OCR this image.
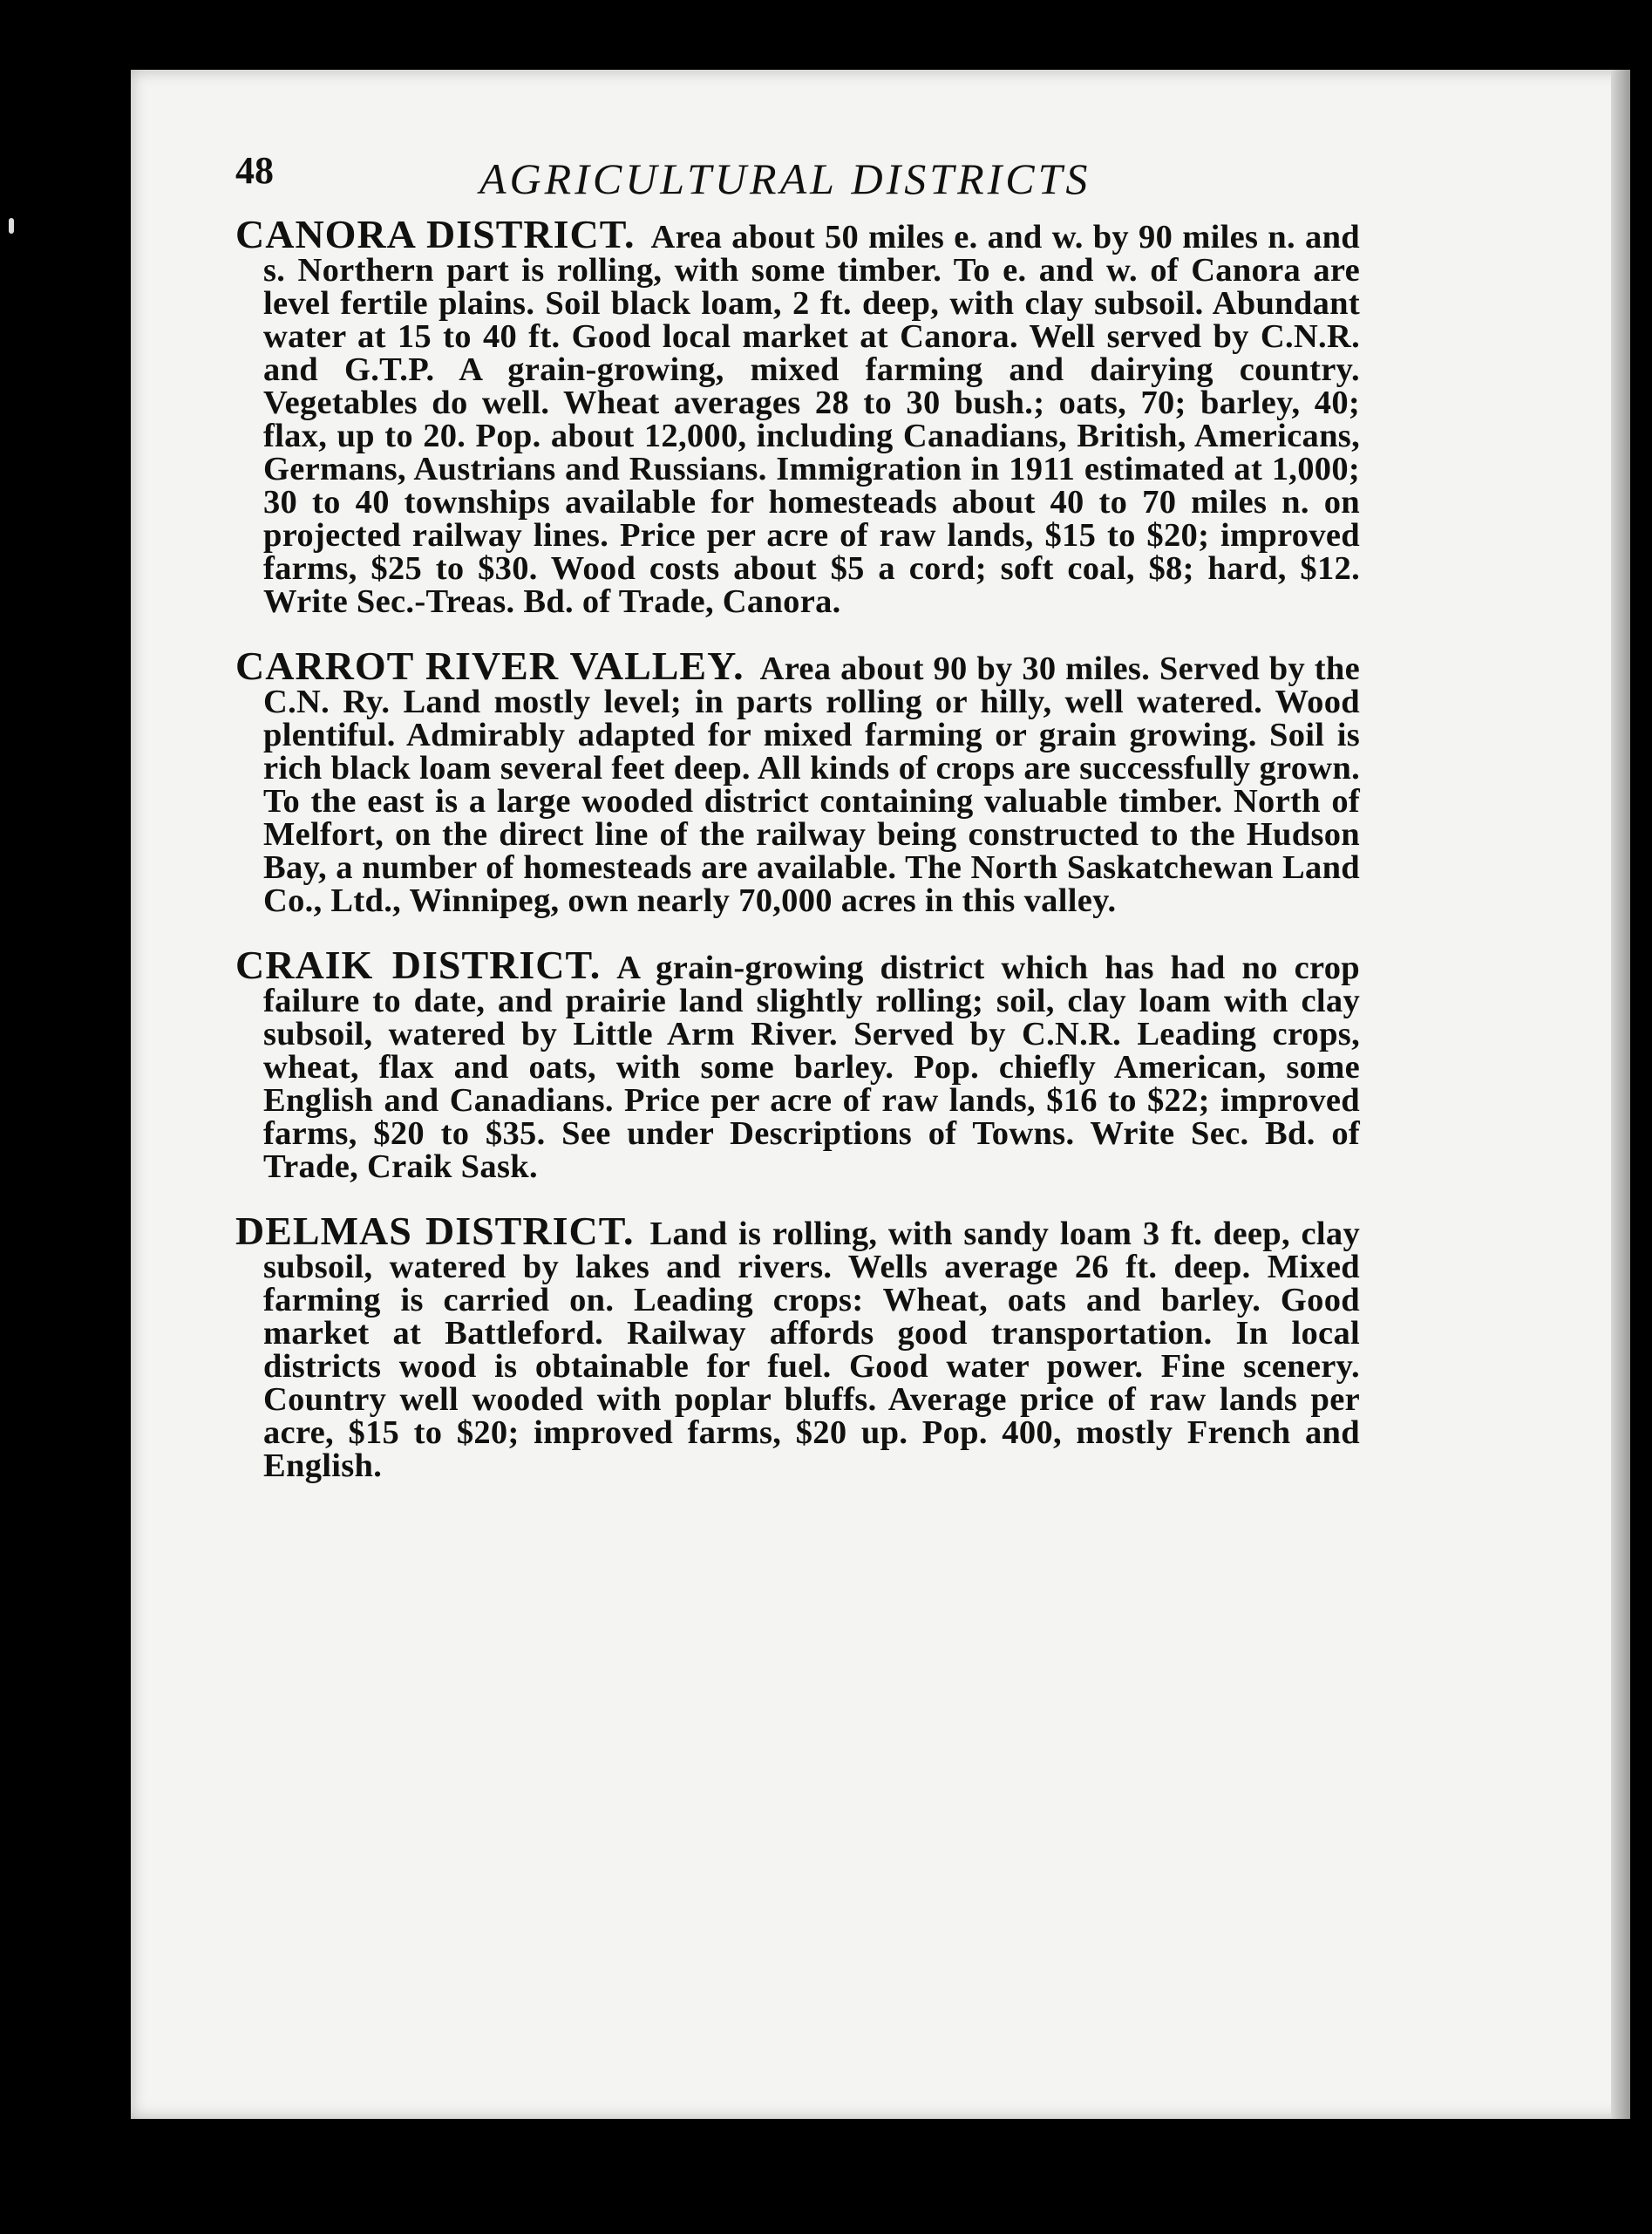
48	AGRICULTURAL DISTRICTS

CANORA DISTRICT. Area about 50 miles e. and w. by 90 miles n. and s. Northern part is rolling, with some timber. To e. and w. of Canora are level fertile plains. Soil black loam, 2 ft. deep, with clay subsoil. Abundant water at 15 to 40 ft. Good local market at Canora. Well served by C.N.R. and G.T.P. A grain-growing, mixed farming and dairying country. Vegetables do well. Wheat averages 28 to 30 bush.; oats, 70; barley, 40; flax, up to 20. Pop. about 12,000, including Canadians, British, Americans, Germans, Austrians and Russians. Immigration in 1911 estimated at 1,000; 30 to 40 townships available for homesteads about 40 to 70 miles n. on projected railway lines. Price per acre of raw lands, $15 to $20; improved farms, $25 to $30. Wood costs about $5 a cord; soft coal, $8; hard, $12. Write Sec.-Treas. Bd. of Trade, Canora.

CARROT RIVER VALLEY. Area about 90 by 30 miles. Served by the C.N. Ry. Land mostly level; in parts rolling or hilly, well watered. Wood plentiful. Admirably adapted for mixed farming or grain growing. Soil is rich black loam several feet deep. All kinds of crops are successfully grown. To the east is a large wooded district containing valuable timber. North of Melfort, on the direct line of the railway being constructed to the Hudson Bay, a number of homesteads are available. The North Saskatchewan Land Co., Ltd., Winnipeg, own nearly 70,000 acres in this valley.

CRAIK DISTRICT. A grain-growing district which has had no crop failure to date, and prairie land slightly rolling; soil, clay loam with clay subsoil, watered by Little Arm River. Served by C.N.R. Leading crops, wheat, flax and oats, with some barley. Pop. chiefly American, some English and Canadians. Price per acre of raw lands, $16 to $22; improved farms, $20 to $35. See under Descriptions of Towns. Write Sec. Bd. of Trade, Craik Sask.

DELMAS DISTRICT. Land is rolling, with sandy loam 3 ft. deep, clay subsoil, watered by lakes and rivers. Wells average 26 ft. deep. Mixed farming is carried on. Leading crops: Wheat, oats and barley. Good market at Battleford. Railway affords good transportation. In local districts wood is obtainable for fuel. Good water power. Fine scenery. Country well wooded with poplar bluffs. Average price of raw lands per acre, $15 to $20; improved farms, $20 up. Pop. 400, mostly French and English.
